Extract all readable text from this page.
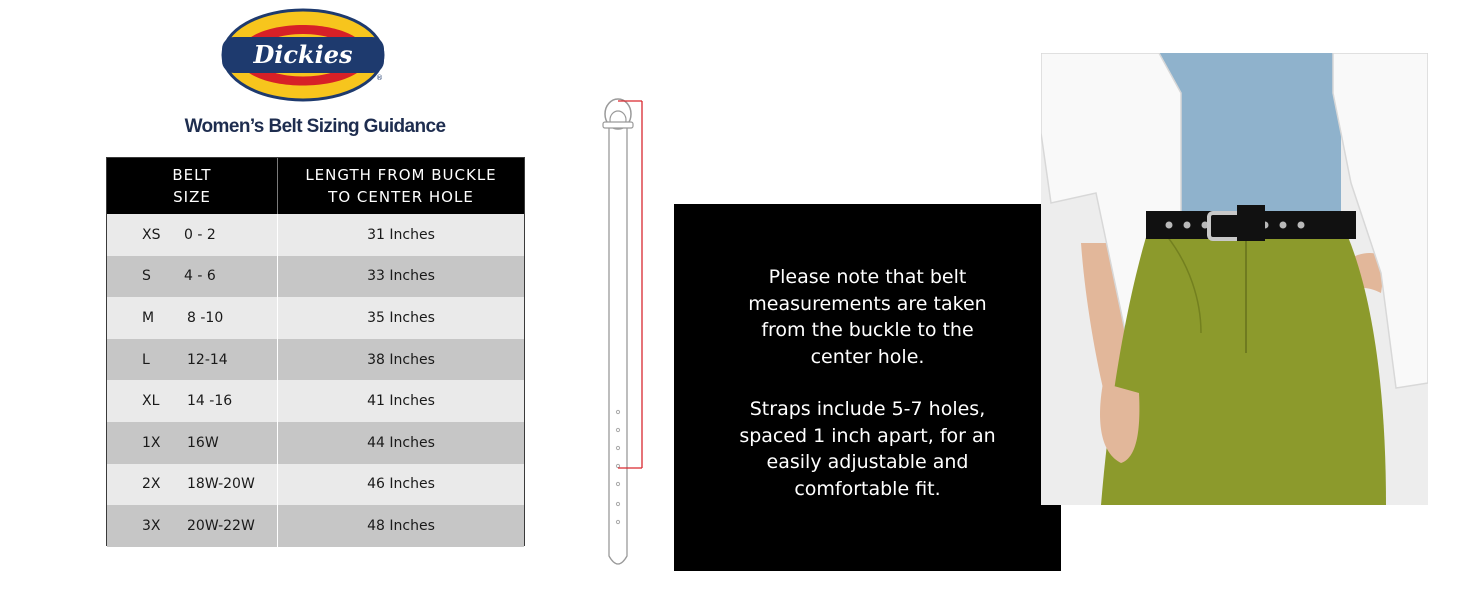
Dickies
®
Women’s Belt Sizing Guidance
BELT
SIZE
LENGTH FROM BUCKLE
TO CENTER HOLE
XS 0 - 2	31 Inches
S 4 - 6	33 Inches
M 8 -10	35 Inches
L	12-14	38 Inches
XL 14 -16	41 Inches
1X 16W	44 Inches
2X 18W-20W	46 Inches
3X 20W-22W	48 Inches

Please note that belt measurements are taken from the buckle to the center hole.

Straps include 5-7 holes, spaced 1 inch apart, for an easily adjustable and comfortable fit.
